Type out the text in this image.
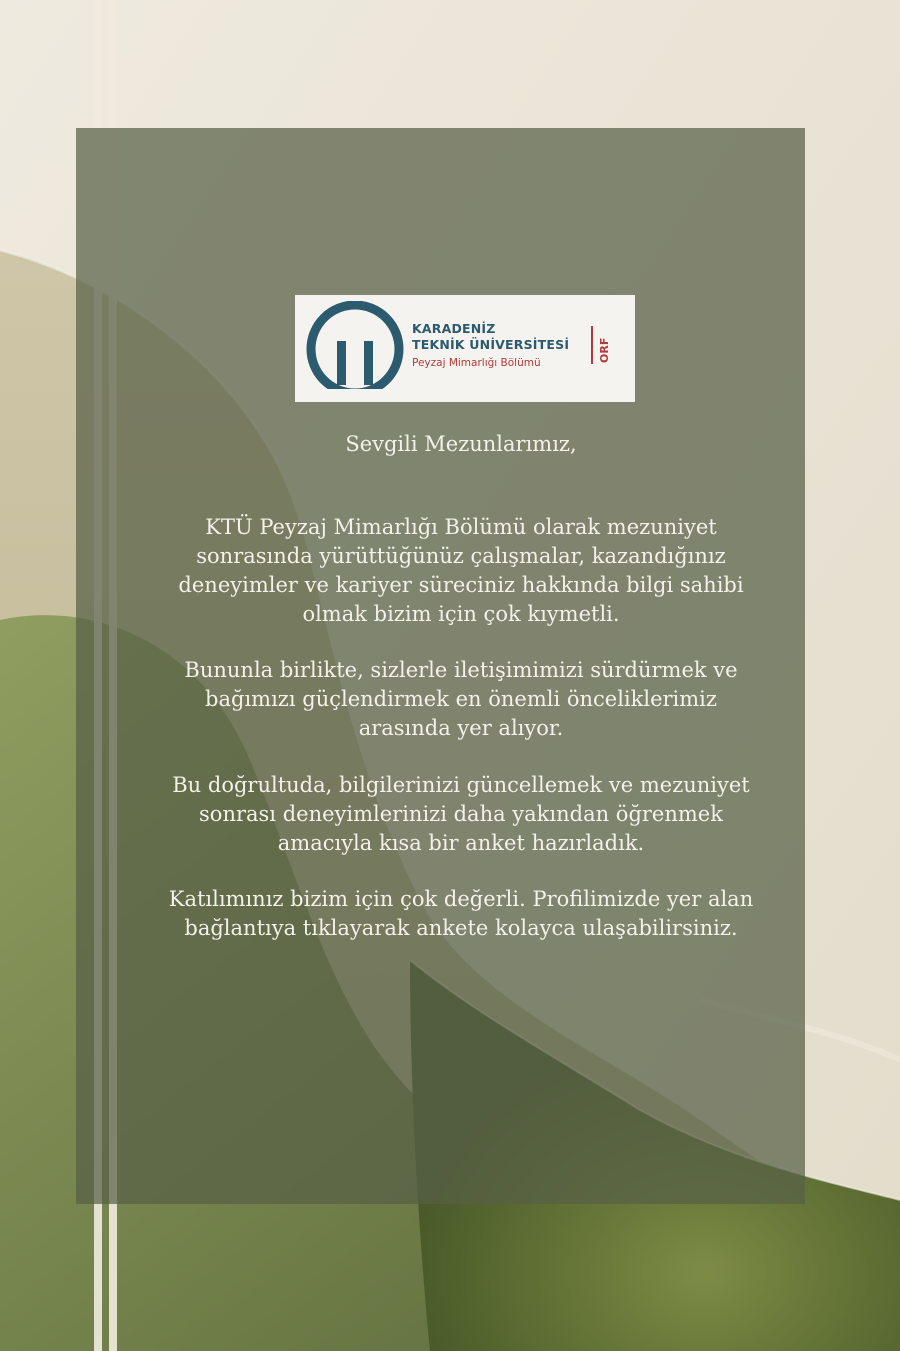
KARADENİZ
TEKNİK ÜNİVERSİTESİ
Peyzaj Mimarlığı Bölümü	ORF
Sevgili Mezunlarımız,
KTÜ Peyzaj Mimarlığı Bölümü olarak mezuniyet
sonrasında yürüttüğünüz çalışmalar, kazandığınız
deneyimler ve kariyer süreciniz hakkında bilgi sahibi
olmak bizim için çok kıymetli.
Bununla birlikte, sizlerle iletişimimizi sürdürmek ve
bağımızı güçlendirmek en önemli önceliklerimiz
arasında yer alıyor.
Bu doğrultuda, bilgilerinizi güncellemek ve mezuniyet
sonrası deneyimlerinizi daha yakından öğrenmek
amacıyla kısa bir anket hazırladık.
Katılımınız bizim için çok değerli. Profilimizde yer alan
bağlantıya tıklayarak ankete kolayca ulaşabilirsiniz.
